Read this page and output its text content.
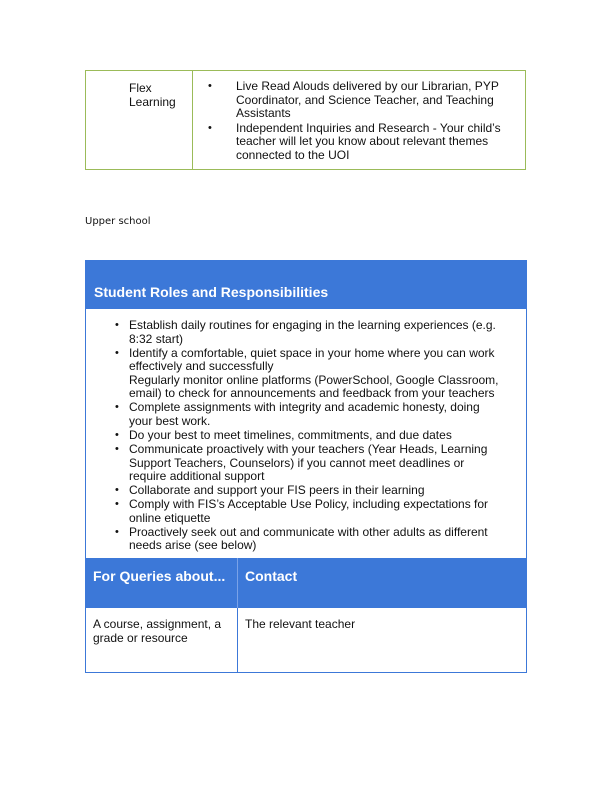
Flex Learning
• Live Read Alouds delivered by our Librarian, PYP Coordinator, and Science Teacher, and Teaching Assistants
• Independent Inquiries and Research - Your child’s teacher will let you know about relevant themes connected to the UOI
Upper school
Student Roles and Responsibilities
• Establish daily routines for engaging in the learning experiences (e.g. 8:32 start)
• Identify a comfortable, quiet space in your home where you can work effectively and successfully
Regularly monitor online platforms (PowerSchool, Google Classroom, email) to check for announcements and feedback from your teachers
• Complete assignments with integrity and academic honesty, doing your best work.
• Do your best to meet timelines, commitments, and due dates
• Communicate proactively with your teachers (Year Heads, Learning Support Teachers, Counselors) if you cannot meet deadlines or require additional support
• Collaborate and support your FIS peers in their learning
• Comply with FIS’s Acceptable Use Policy, including expectations for online etiquette
• Proactively seek out and communicate with other adults as different needs arise (see below)
For Queries about... Contact
A course, assignment, a grade or resource
The relevant teacher
